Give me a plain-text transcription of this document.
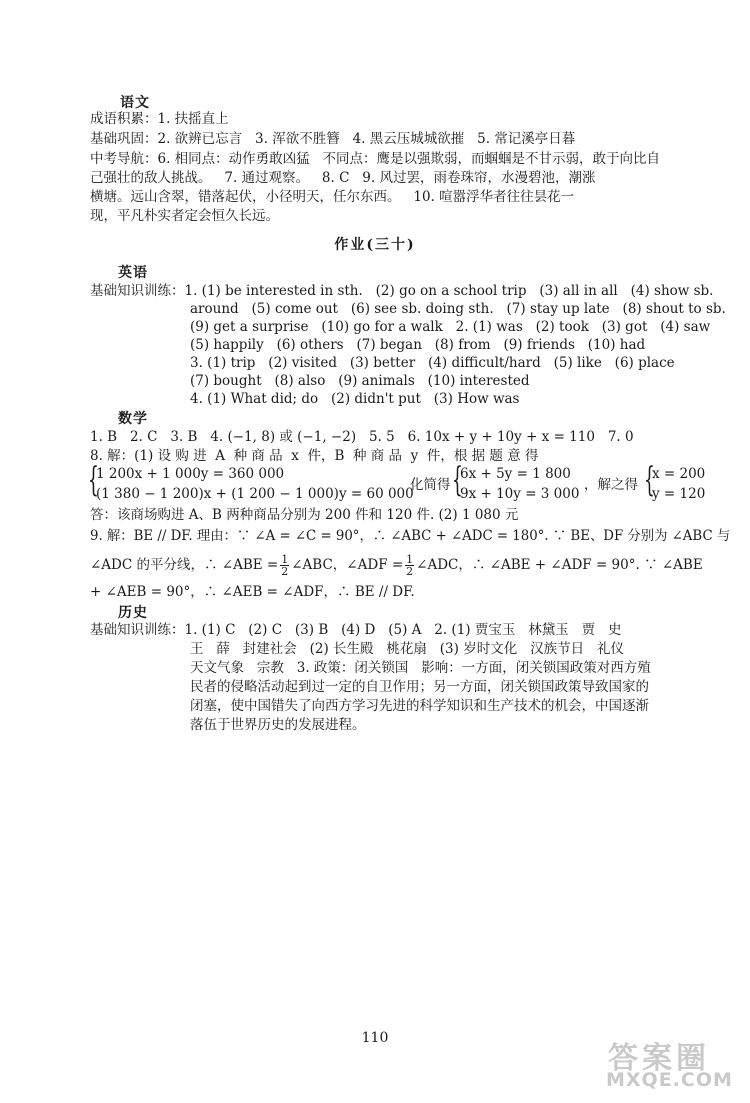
语文
成语积累：1. 扶摇直上
基础巩固：2. 欲辨已忘言   3. 浑欲不胜簪   4. 黑云压城城欲摧   5. 常记溪亭日暮
中考导航：6. 相同点：动作勇敢凶猛   不同点：鹰是以强欺弱，而蝈蝈是不甘示弱，敢于向比自
己强壮的敌人挑战。   7. 通过观察。   8. C   9. 风过罢，雨卷珠帘，水漫碧池，潮涨
横塘。远山含翠，错落起伏，小径明天，任尔东西。   10. 喧嚣浮华者往往昙花一
现，平凡朴实者定会恒久长远。
作业(三十)
英语
基础知识训练：1. (1) be interested in sth.   (2) go on a school trip   (3) all in all   (4) show sb.
around   (5) come out   (6) see sb. doing sth.   (7) stay up late   (8) shout to sb.
(9) get a surprise   (10) go for a walk   2. (1) was   (2) took   (3) got   (4) saw
(5) happily   (6) others   (7) began   (8) from   (9) friends   (10) had
3. (1) trip   (2) visited   (3) better   (4) difficult/hard   (5) like   (6) place
(7) bought   (8) also   (9) animals   (10) interested
4. (1) What did; do   (2) didn't put   (3) How was
数学
1. B   2. C   3. B   4. (−1, 8) 或 (−1, −2)   5. 5   6. 10x + y + 10y + x = 110   7. 0
8. 解：(1) 设 购 进  A  种 商 品  x  件，B  种 商 品  y  件，根 据 题 意 得
{
1 200x + 1 000y = 360 000
(1 380 − 1 200)x + (1 200 − 1 000)y = 60 000
化简得 {
6x + 5y = 1 800
9x + 10y = 3 000
，解之得 {
x = 200
y = 120
答：该商场购进 A、B 两种商品分别为 200 件和 120 件. (2) 1 080 元
9. 解：BE // DF. 理由：∵ ∠A = ∠C = 90°，∴ ∠ABC + ∠ADC = 180°. ∵ BE、DF 分别为 ∠ABC 与
∠ADC 的平分线，∴ ∠ABE = $\frac{1}{2}$ ∠ABC，∠ADF = $\frac{1}{2}$ ∠ADC，∴ ∠ABE + ∠ADF = 90°. ∵ ∠ABE
+ ∠AEB = 90°，∴ ∠AEB = ∠ADF，∴ BE // DF.
历史
基础知识训练：1. (1) C   (2) C   (3) B   (4) D   (5) A   2. (1) 贾宝玉   林黛玉   贾   史
王   薛   封建社会   (2) 长生殿   桃花扇   (3) 岁时文化   汉族节日   礼仪
天文气象   宗教   3. 政策：闭关锁国   影响：一方面，闭关锁国政策对西方殖
民者的侵略活动起到过一定的自卫作用；另一方面，闭关锁国政策导致国家的
闭塞，使中国错失了向西方学习先进的科学知识和生产技术的机会，中国逐渐
落伍于世界历史的发展进程。
110
答案圈
MXQE.COM
